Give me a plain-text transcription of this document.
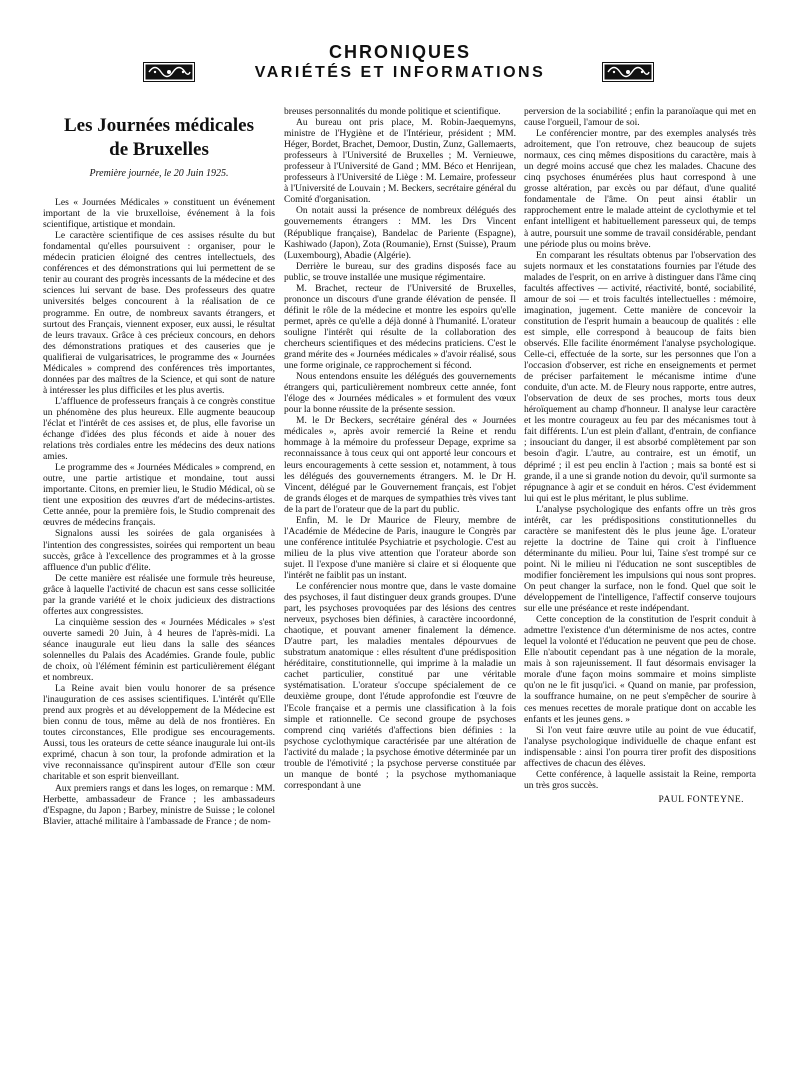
CHRONIQUES
VARIÉTÉS ET INFORMATIONS
Les Journées médicales
de Bruxelles
Première journée, le 20 Juin 1925.

Les « Journées Médicales » constituent un événement important de la vie bruxelloise, événement à la fois scientifique, artistique et mondain.

Le caractère scientifique de ces assises résulte du but fondamental qu'elles poursuivent : organiser, pour le médecin praticien éloigné des centres intellectuels, des conférences et des démonstrations qui lui permettent de se tenir au courant des progrès incessants de la médecine et des sciences lui servant de base. Des professeurs des quatre universités belges concourent à la réalisation de ce programme. En outre, de nombreux savants étrangers, et surtout des Français, viennent exposer, eux aussi, le résultat de leurs travaux. Grâce à ces précieux concours, en dehors des démonstrations pratiques et des causeries que je qualifierai de vulgarisatrices, le programme des « Journées Médicales » comprend des conférences très importantes, données par des maîtres de la Science, et qui sont de nature à intéresser les plus difficiles et les plus avertis.

L'affluence de professeurs français à ce congrès constitue un phénomène des plus heureux. Elle augmente beaucoup l'éclat et l'intérêt de ces assises et, de plus, elle favorise un échange d'idées des plus féconds et aide à nouer des relations très cordiales entre les médecins des deux nations amies.

Le programme des « Journées Médicales » comprend, en outre, une partie artistique et mondaine, tout aussi importante. Citons, en premier lieu, le Studio Médical, où se tient une exposition des œuvres d'art de médecins-artistes. Cette année, pour la première fois, le Studio comprenait des œuvres de médecins français.

Signalons aussi les soirées de gala organisées à l'intention des congressistes, soirées qui remportent un beau succès, grâce à l'excellence des programmes et à la grosse affluence d'un public d'élite.

De cette manière est réalisée une formule très heureuse, grâce à laquelle l'activité de chacun est sans cesse sollicitée par la grande variété et le choix judicieux des distractions offertes aux congressistes.

La cinquième session des « Journées Médicales » s'est ouverte samedi 20 Juin, à 4 heures de l'après-midi. La séance inaugurale eut lieu dans la salle des séances solennelles du Palais des Académies. Grande foule, public de choix, où l'élément féminin est particulièrement élégant et nombreux.

La Reine avait bien voulu honorer de sa présence l'inauguration de ces assises scientifiques. L'intérêt qu'Elle prend aux progrès et au développement de la Médecine est bien connu de tous, même au delà de nos frontières. En toutes circonstances, Elle prodigue ses encouragements. Aussi, tous les orateurs de cette séance inaugurale lui ont-ils exprimé, chacun à son tour, la profonde admiration et la vive reconnaissance qu'inspirent autour d'Elle son cœur charitable et son esprit bienveillant.

Aux premiers rangs et dans les loges, on remarque : MM. Herbette, ambassadeur de France ; les ambassadeurs d'Espagne, du Japon ; Barbey, ministre de Suisse ; le colonel Blavier, attaché militaire à l'ambassade de France ; de nom-

breuses personnalités du monde politique et scientifique.

Au bureau ont pris place, M. Robin-Jaequemyns, ministre de l'Hygiène et de l'Intérieur, président ; MM. Héger, Bordet, Brachet, Demoor, Dustin, Zunz, Gallemaerts, professeurs à l'Université de Bruxelles ; M. Vernieuwe, professeur à l'Université de Gand ; MM. Béco et Henrijean, professeurs à l'Université de Liège : M. Lemaire, professeur à l'Université de Louvain ; M. Beckers, secrétaire général du Comité d'organisation.

On notait aussi la présence de nombreux délégués des gouvernements étrangers : MM. les Drs Vincent (République française), Bandelac de Pariente (Espagne), Kashiwado (Japon), Zota (Roumanie), Ernst (Suisse), Praum (Luxembourg), Abadie (Algérie).

Derrière le bureau, sur des gradins disposés face au public, se trouve installée une musique régimentaire.

M. Brachet, recteur de l'Université de Bruxelles, prononce un discours d'une grande élévation de pensée. Il définit le rôle de la médecine et montre les espoirs qu'elle permet, après ce qu'elle a déjà donné à l'humanité. L'orateur souligne l'intérêt qui résulte de la collaboration des chercheurs scientifiques et des médecins praticiens. C'est le grand mérite des « Journées médicales » d'avoir réalisé, sous une forme originale, ce rapprochement si fécond.

Nous entendons ensuite les délégués des gouvernements étrangers qui, particulièrement nombreux cette année, font l'éloge des « Journées médicales » et formulent des vœux pour la bonne réussite de la présente session.

M. le Dr Beckers, secrétaire général des « Journées médicales », après avoir remercié la Reine et rendu hommage à la mémoire du professeur Depage, exprime sa reconnaissance à tous ceux qui ont apporté leur concours et leurs encouragements à cette session et, notamment, à tous les délégués des gouvernements étrangers. M. le Dr H. Vincent, délégué par le Gouvernement français, est l'objet de grands éloges et de marques de sympathies très vives tant de la part de l'orateur que de la part du public.

Enfin, M. le Dr Maurice de Fleury, membre de l'Académie de Médecine de Paris, inaugure le Congrès par une conférence intitulée Psychiatrie et psychologie. C'est au milieu de la plus vive attention que l'orateur aborde son sujet. Il l'expose d'une manière si claire et si éloquente que l'intérêt ne faiblit pas un instant.

Le conférencier nous montre que, dans le vaste domaine des psychoses, il faut distinguer deux grands groupes. D'une part, les psychoses provoquées par des lésions des centres nerveux, psychoses bien définies, à caractère incoordonné, chaotique, et pouvant amener finalement la démence. D'autre part, les maladies mentales dépourvues de substratum anatomique : elles résultent d'une prédisposition héréditaire, constitutionnelle, qui imprime à la maladie un cachet particulier, constitué par une véritable systématisation. L'orateur s'occupe spécialement de ce deuxième groupe, dont l'étude approfondie est l'œuvre de l'Ecole française et a permis une classification à la fois simple et rationnelle. Ce second groupe de psychoses comprend cinq variétés d'affections bien définies : la psychose cyclothymique caractérisée par une altération de l'activité du malade ; la psychose émotive déterminée par un trouble de l'émotivité ; la psychose perverse constituée par un manque de bonté ; la psychose mythomaniaque correspondant à une

perversion de la sociabilité ; enfin la paranoïaque qui met en cause l'orgueil, l'amour de soi.

Le conférencier montre, par des exemples analysés très adroitement, que l'on retrouve, chez beaucoup de sujets normaux, ces cinq mêmes dispositions du caractère, mais à un degré moins accusé que chez les malades. Chacune des cinq psychoses énumérées plus haut correspond à une grosse altération, par excès ou par défaut, d'une qualité fondamentale de l'âme. On peut ainsi établir un rapprochement entre le malade atteint de cyclothymie et tel enfant intelligent et habituellement paresseux qui, de temps à autre, poursuit une somme de travail considérable, pendant une période plus ou moins brève.

En comparant les résultats obtenus par l'observation des sujets normaux et les constatations fournies par l'étude des malades de l'esprit, on en arrive à distinguer dans l'âme cinq facultés affectives — activité, réactivité, bonté, sociabilité, amour de soi — et trois facultés intellectuelles : mémoire, imagination, jugement. Cette manière de concevoir la constitution de l'esprit humain a beaucoup de qualités : elle est simple, elle correspond à beaucoup de faits bien observés. Elle facilite énormément l'analyse psychologique. Celle-ci, effectuée de la sorte, sur les personnes que l'on a l'occasion d'observer, est riche en enseignements et permet de préciser parfaitement le mécanisme intime d'une conduite, d'un acte. M. de Fleury nous rapporte, entre autres, l'observation de deux de ses proches, morts tous deux héroïquement au champ d'honneur. Il analyse leur caractère et les montre courageux au feu par des mécanismes tout à fait différents. L'un est plein d'allant, d'entrain, de confiance ; insouciant du danger, il est absorbé complètement par son besoin d'agir. L'autre, au contraire, est un émotif, un déprimé ; il est peu enclin à l'action ; mais sa bonté est si grande, il a une si grande notion du devoir, qu'il surmonte sa répugnance à agir et se conduit en héros. C'est évidemment lui qui est le plus méritant, le plus sublime.

L'analyse psychologique des enfants offre un très gros intérêt, car les prédispositions constitutionnelles du caractère se manifestent dès le plus jeune âge. L'orateur rejette la doctrine de Taine qui croit à l'influence déterminante du milieu. Pour lui, Taine s'est trompé sur ce point. Ni le milieu ni l'éducation ne sont susceptibles de modifier foncièrement les impulsions qui nous sont propres. On peut changer la surface, non le fond. Quel que soit le développement de l'intelligence, l'affectif conserve toujours sur elle une préséance et reste indépendant.

Cette conception de la constitution de l'esprit conduit à admettre l'existence d'un déterminisme de nos actes, contre lequel la volonté et l'éducation ne peuvent que peu de chose. Elle n'aboutit cependant pas à une négation de la morale, mais à son rajeunissement. Il faut désormais envisager la morale d'une façon moins sommaire et moins simpliste qu'on ne le fit jusqu'ici. « Quand on manie, par profession, la souffrance humaine, on ne peut s'empêcher de sourire à ces menues recettes de morale pratique dont on accable les enfants et les jeunes gens. »

Si l'on veut faire œuvre utile au point de vue éducatif, l'analyse psychologique individuelle de chaque enfant est indispensable : ainsi l'on pourra tirer profit des dispositions affectives de chacun des élèves.

Cette conférence, à laquelle assistait la Reine, remporta un très gros succès.

PAUL FONTEYNE.
